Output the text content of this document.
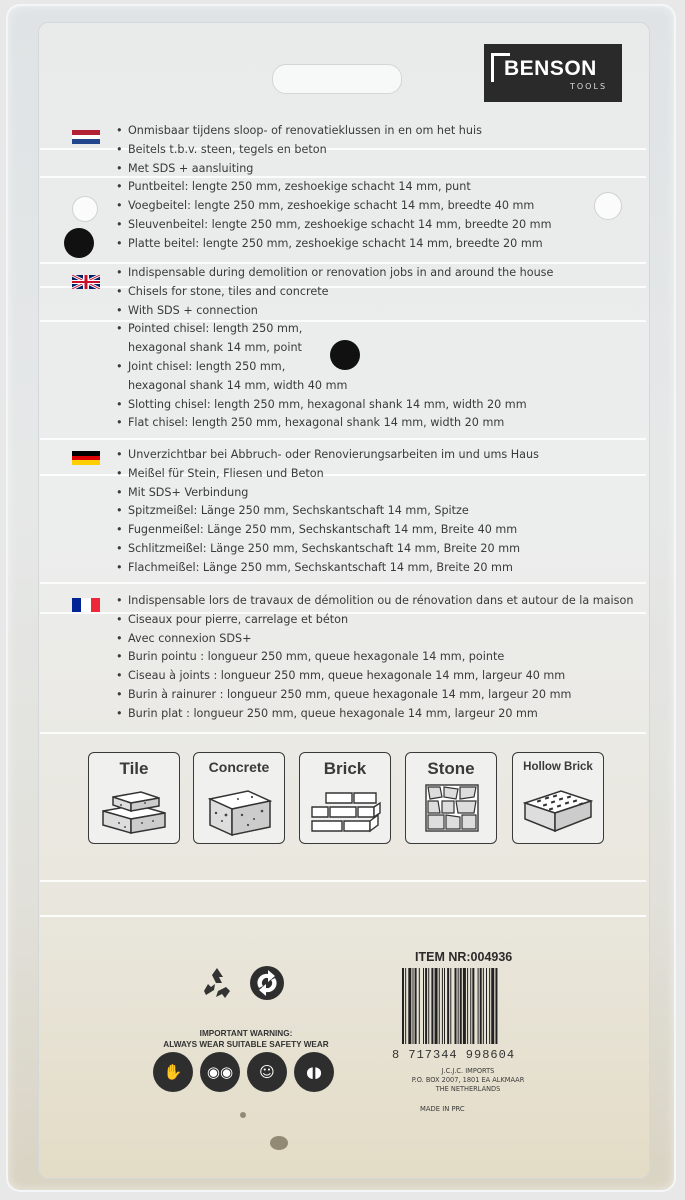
BENSON
TOOLS
• Onmisbaar tijdens sloop- of renovatieklussen in en om het huis
• Beitels t.b.v. steen, tegels en beton
• Met SDS + aansluiting
• Puntbeitel: lengte 250 mm, zeshoekige schacht 14 mm, punt
• Voegbeitel: lengte 250 mm, zeshoekige schacht 14 mm, breedte 40 mm
• Sleuvenbeitel: lengte 250 mm, zeshoekige schacht 14 mm, breedte 20 mm
• Platte beitel: lengte 250 mm, zeshoekige schacht 14 mm, breedte 20 mm
• Indispensable during demolition or renovation jobs in and around the house
• Chisels for stone, tiles and concrete
• With SDS + connection
• Pointed chisel: length 250 mm,
hexagonal shank 14 mm, point
• Joint chisel: length 250 mm,
hexagonal shank 14 mm, width 40 mm
• Slotting chisel: length 250 mm, hexagonal shank 14 mm, width 20 mm
• Flat chisel: length 250 mm, hexagonal shank 14 mm, width 20 mm
• Unverzichtbar bei Abbruch- oder Renovierungsarbeiten im und ums Haus
• Meißel für Stein, Fliesen und Beton
• Mit SDS+ Verbindung
• Spitzmeißel: Länge 250 mm, Sechskantschaft 14 mm, Spitze
• Fugenmeißel: Länge 250 mm, Sechskantschaft 14 mm, Breite 40 mm
• Schlitzmeißel: Länge 250 mm, Sechskantschaft 14 mm, Breite 20 mm
• Flachmeißel: Länge 250 mm, Sechskantschaft 14 mm, Breite 20 mm
• Indispensable lors de travaux de démolition ou de rénovation dans et autour de la maison
• Ciseaux pour pierre, carrelage et béton
• Avec connexion SDS+
• Burin pointu : longueur 250 mm, queue hexagonale 14 mm, pointe
• Ciseau à joints : longueur 250 mm, queue hexagonale 14 mm, largeur 40 mm
• Burin à rainurer : longueur 250 mm, queue hexagonale 14 mm, largeur 20 mm
• Burin plat : longueur 250 mm, queue hexagonale 14 mm, largeur 20 mm
Tile	Concrete	Brick	Stone	Hollow Brick
IMPORTANT WARNING:
ALWAYS WEAR SUITABLE SAFETY WEAR
✋	◉◉	☺	◖◗
ITEM NR:004936
8 717344 998604
J.C.J.C. IMPORTS
P.O. BOX 2007, 1801 EA ALKMAAR
THE NETHERLANDS
MADE IN PRC
